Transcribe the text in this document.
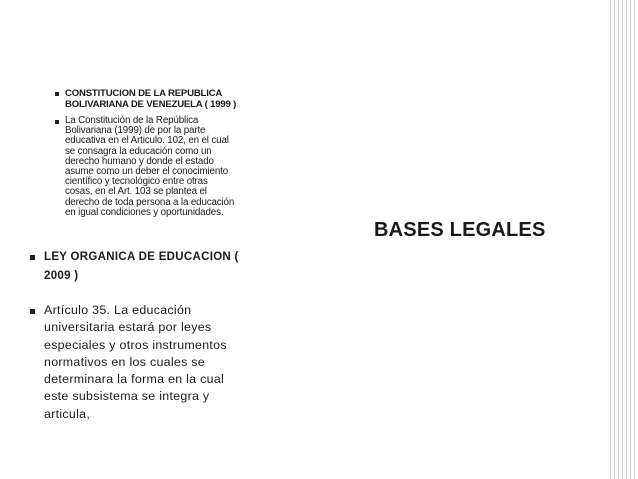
CONSTITUCION DE LA REPUBLICA
BOLIVARIANA DE VENEZUELA ( 1999 )
La Constitución de la República
Bolivariana (1999) de por la parte
educativa en el Articulo. 102, en el cual
se consagra la educación como un
derecho humano y donde el estado
asume como un deber el conocimiento
científico y tecnológico entre otras
cosas, en el Art. 103 se plantea el
derecho de toda persona a la educación
en igual condiciones y oportunidades.
BASES LEGALES
LEY ORGANICA DE EDUCACION (
2009 )
Artículo 35. La educación
universitaria estará por leyes
especiales y otros instrumentos
normativos en los cuales se
determinara la forma en la cual
este subsistema se integra y
articula,
